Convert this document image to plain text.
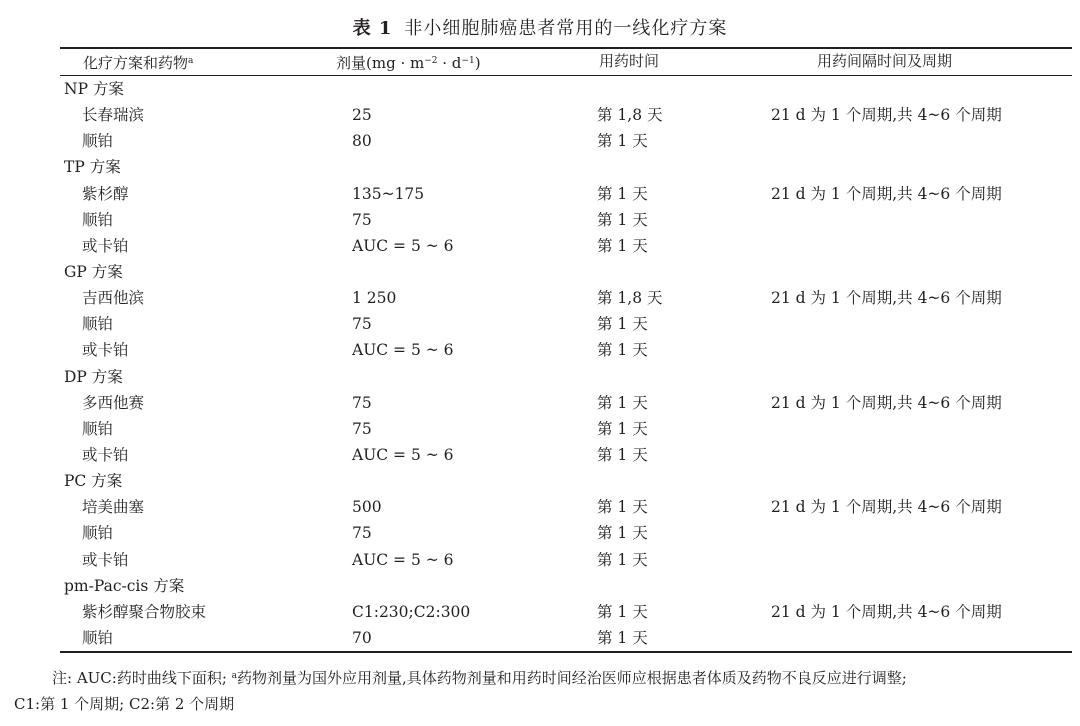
表 1 非小细胞肺癌患者常用的一线化疗方案
化疗方案和药物$^a$	剂量$(mg \cdot m^{-2} \cdot d^{-1})$	用药时间	用药间隔时间及周期
NP 方案
长春瑞滨	25	第 1,8 天	21 d 为 1 个周期,共 4~6 个周期
顺铂	80	第 1 天
TP 方案
紫杉醇	135~175	第 1 天	21 d 为 1 个周期,共 4~6 个周期
顺铂	75	第 1 天
或卡铂	AUC = 5 ~ 6	第 1 天
GP 方案
吉西他滨	1 250	第 1,8 天	21 d 为 1 个周期,共 4~6 个周期
顺铂	75	第 1 天
或卡铂	AUC = 5 ~ 6	第 1 天
DP 方案
多西他赛	75	第 1 天	21 d 为 1 个周期,共 4~6 个周期
顺铂	75	第 1 天
或卡铂	AUC = 5 ~ 6	第 1 天
PC 方案
培美曲塞	500	第 1 天	21 d 为 1 个周期,共 4~6 个周期
顺铂	75	第 1 天
或卡铂	AUC = 5 ~ 6	第 1 天
pm-Pac-cis 方案
紫杉醇聚合物胶束	C1:230;C2:300	第 1 天	21 d 为 1 个周期,共 4~6 个周期
顺铂	70	第 1 天
注: AUC:药时曲线下面积; $^a$药物剂量为国外应用剂量,具体药物剂量和用药时间经治医师应根据患者体质及药物不良反应进行调整;
C1:第 1 个周期; C2:第 2 个周期
